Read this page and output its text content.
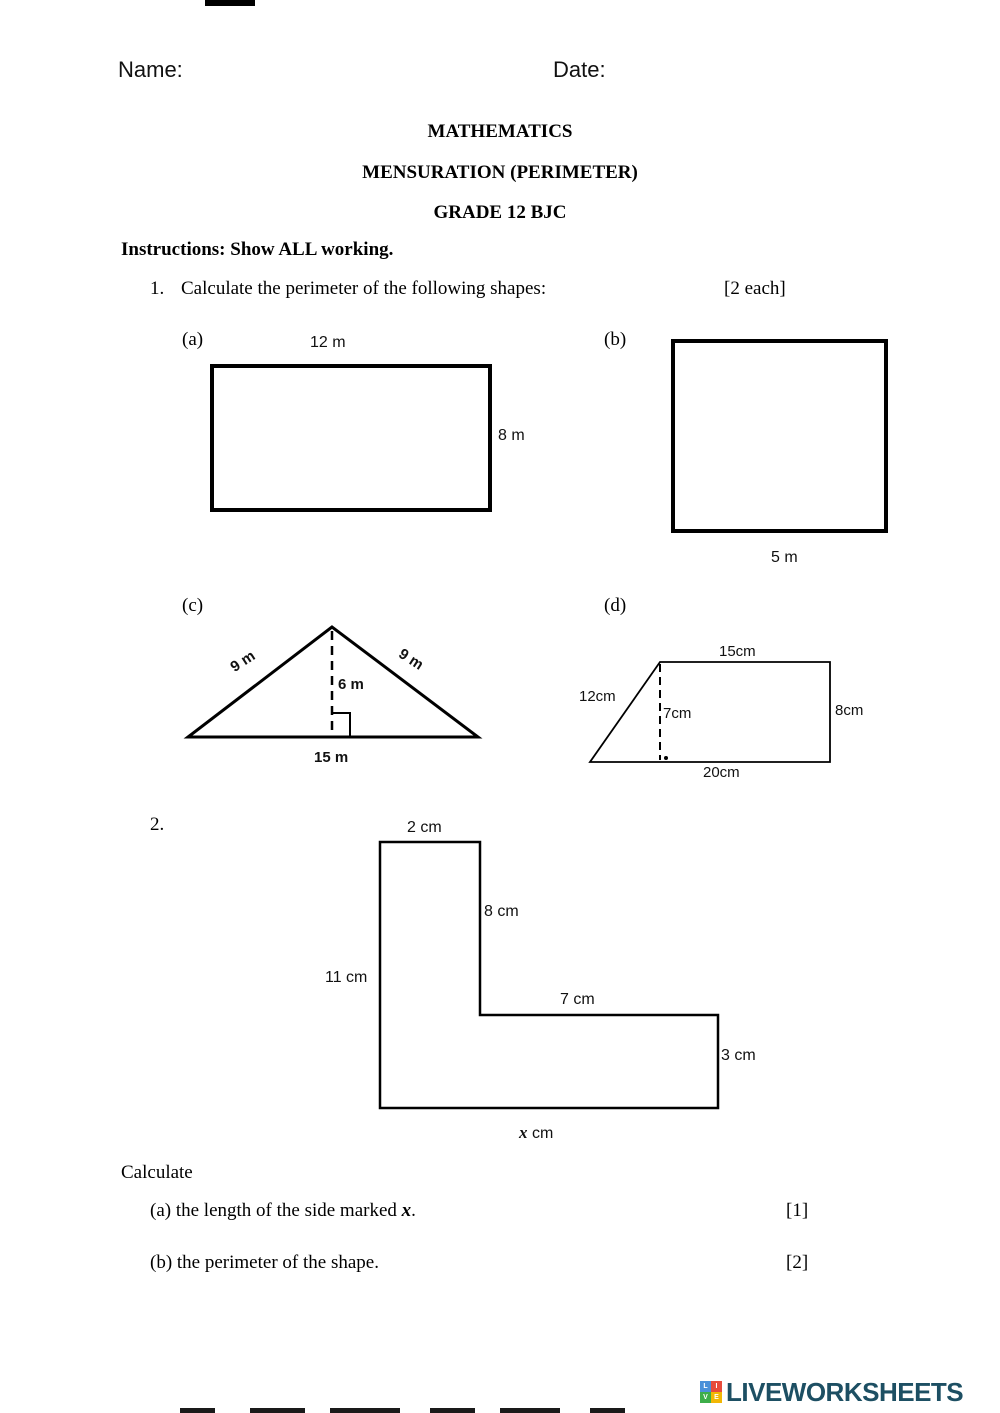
Name:	Date:
MATHEMATICS
MENSURATION (PERIMETER)
GRADE 12 BJC
Instructions: Show ALL working.
1. Calculate the perimeter of the following shapes:	[2 each]
(a)	12 m
8 m
(b)
5 m
(c)
9 m	9 m
6 m
15 m
(d)
15cm
12cm
7cm	8cm
20cm
2.	2 cm
8 cm
11 cm
7 cm
3 cm
x cm
Calculate
(a) the length of the side marked x.	[1]
(b) the perimeter of the shape.	[2]
L	I
V E LIVEWORKSHEETS
